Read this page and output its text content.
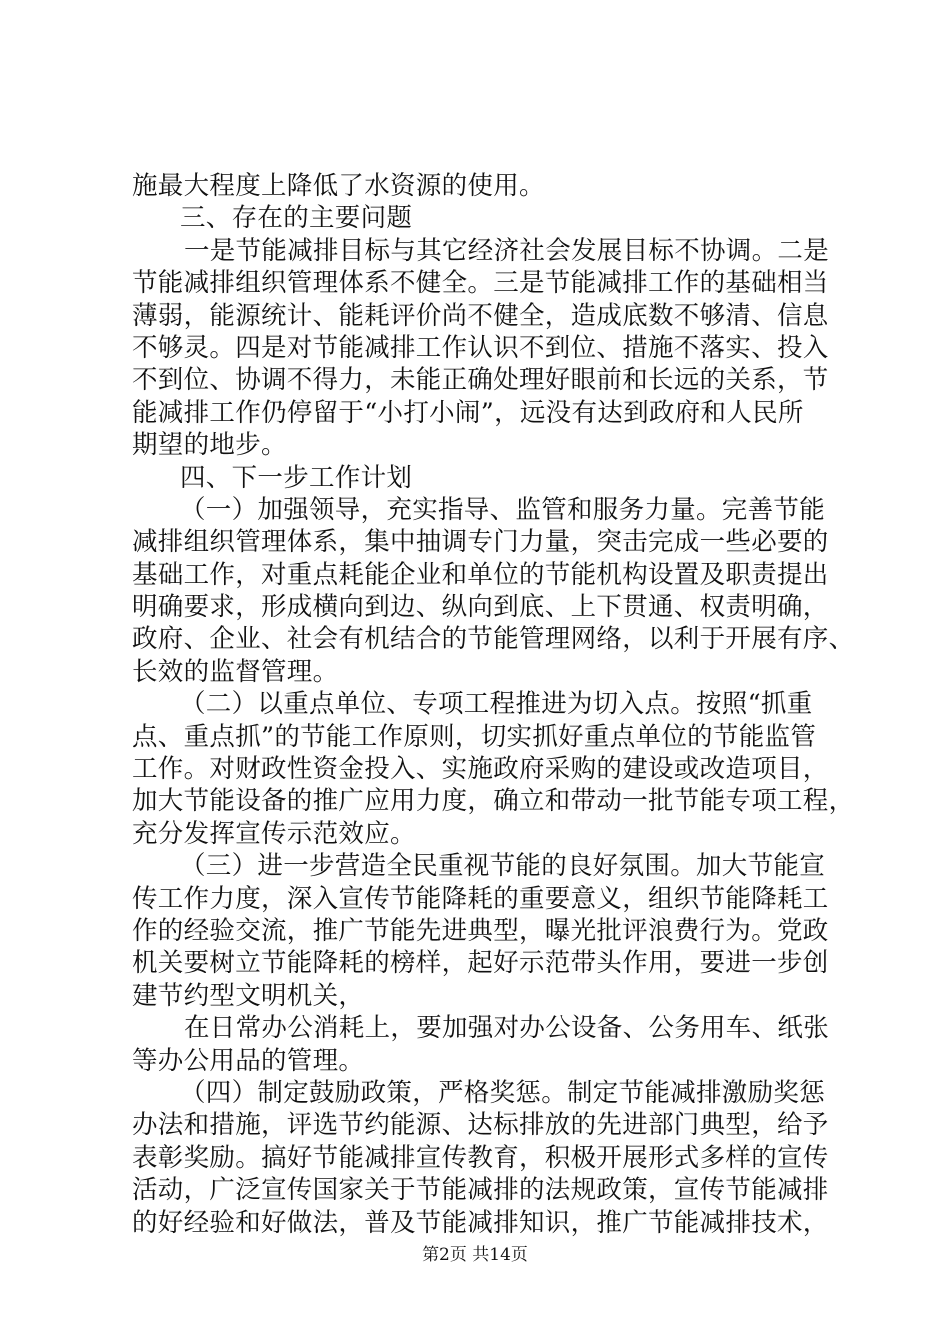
施最大程度上降低了水资源的使用。
三、存在的主要问题
一是节能减排目标与其它经济社会发展目标不协调。二是
节能减排组织管理体系不健全。三是节能减排工作的基础相当
薄弱，能源统计、能耗评价尚不健全，造成底数不够清、信息
不够灵。四是对节能减排工作认识不到位、措施不落实、投入
不到位、协调不得力，未能正确处理好眼前和长远的关系，节
能减排工作仍停留于“小打小闹”，远没有达到政府和人民所
期望的地步。
四、下一步工作计划
（一）加强领导，充实指导、监管和服务力量。完善节能
减排组织管理体系，集中抽调专门力量，突击完成一些必要的
基础工作，对重点耗能企业和单位的节能机构设置及职责提出
明确要求，形成横向到边、纵向到底、上下贯通、权责明确，
政府、企业、社会有机结合的节能管理网络，以利于开展有序、
长效的监督管理。
（二）以重点单位、专项工程推进为切入点。按照“抓重
点、重点抓”的节能工作原则，切实抓好重点单位的节能监管
工作。对财政性资金投入、实施政府采购的建设或改造项目，
加大节能设备的推广应用力度，确立和带动一批节能专项工程，
充分发挥宣传示范效应。
（三）进一步营造全民重视节能的良好氛围。加大节能宣
传工作力度，深入宣传节能降耗的重要意义，组织节能降耗工
作的经验交流，推广节能先进典型，曝光批评浪费行为。党政
机关要树立节能降耗的榜样，起好示范带头作用，要进一步创
建节约型文明机关，
在日常办公消耗上，要加强对办公设备、公务用车、纸张
等办公用品的管理。
（四）制定鼓励政策，严格奖惩。制定节能减排激励奖惩
办法和措施，评选节约能源、达标排放的先进部门典型，给予
表彰奖励。搞好节能减排宣传教育，积极开展形式多样的宣传
活动，广泛宣传国家关于节能减排的法规政策，宣传节能减排
的好经验和好做法，普及节能减排知识，推广节能减排技术，
第2页 共14页
